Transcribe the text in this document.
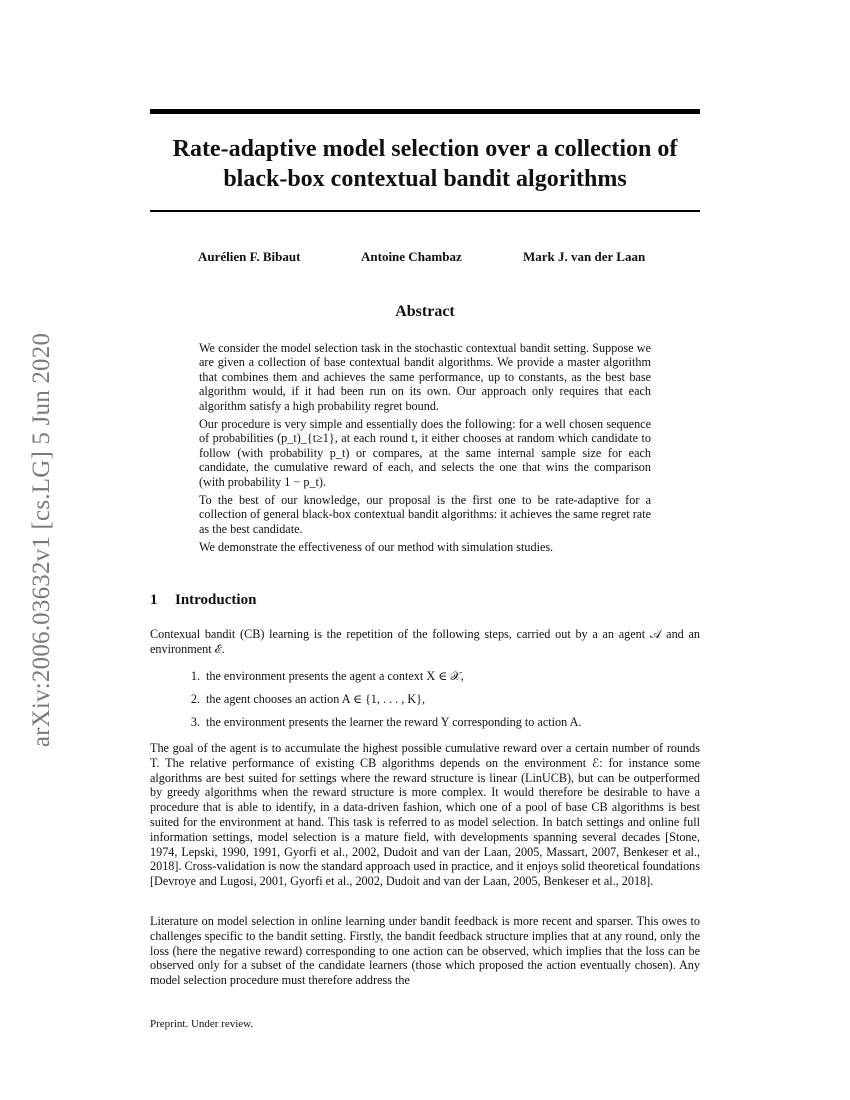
arXiv:2006.03632v1 [cs.LG] 5 Jun 2020
Rate-adaptive model selection over a collection of
black-box contextual bandit algorithms
Aurélien F. Bibaut	Antoine Chambaz	Mark J. van der Laan
Abstract

We consider the model selection task in the stochastic contextual bandit setting. Suppose we are given a collection of base contextual bandit algorithms. We provide a master algorithm that combines them and achieves the same performance, up to constants, as the best base algorithm would, if it had been run on its own. Our approach only requires that each algorithm satisfy a high probability regret bound.

Our procedure is very simple and essentially does the following: for a well chosen sequence of probabilities (p_t)_{t≥1}, at each round t, it either chooses at random which candidate to follow (with probability p_t) or compares, at the same internal sample size for each candidate, the cumulative reward of each, and selects the one that wins the comparison (with probability 1 − p_t).

To the best of our knowledge, our proposal is the first one to be rate-adaptive for a collection of general black-box contextual bandit algorithms: it achieves the same regret rate as the best candidate.

We demonstrate the effectiveness of our method with simulation studies.

1 Introduction

Contexual bandit (CB) learning is the repetition of the following steps, carried out by a an agent 𝒜 and an environment ℰ.

1. the environment presents the agent a context X ∈ 𝒳,
2. the agent chooses an action A ∈ {1, . . . , K},
3. the environment presents the learner the reward Y corresponding to action A.

The goal of the agent is to accumulate the highest possible cumulative reward over a certain number of rounds T. The relative performance of existing CB algorithms depends on the environment ℰ: for instance some algorithms are best suited for settings where the reward structure is linear (LinUCB), but can be outperformed by greedy algorithms when the reward structure is more complex. It would therefore be desirable to have a procedure that is able to identify, in a data-driven fashion, which one of a pool of base CB algorithms is best suited for the environment at hand. This task is referred to as model selection. In batch settings and online full information settings, model selection is a mature field, with developments spanning several decades [Stone, 1974, Lepski, 1990, 1991, Gyorfi et al., 2002, Dudoit and van der Laan, 2005, Massart, 2007, Benkeser et al., 2018]. Cross-validation is now the standard approach used in practice, and it enjoys solid theoretical foundations [Devroye and Lugosi, 2001, Gyorfi et al., 2002, Dudoit and van der Laan, 2005, Benkeser et al., 2018].

Literature on model selection in online learning under bandit feedback is more recent and sparser. This owes to challenges specific to the bandit setting. Firstly, the bandit feedback structure implies that at any round, only the loss (here the negative reward) corresponding to one action can be observed, which implies that the loss can be observed only for a subset of the candidate learners (those which proposed the action eventually chosen). Any model selection procedure must therefore address the

Preprint. Under review.
